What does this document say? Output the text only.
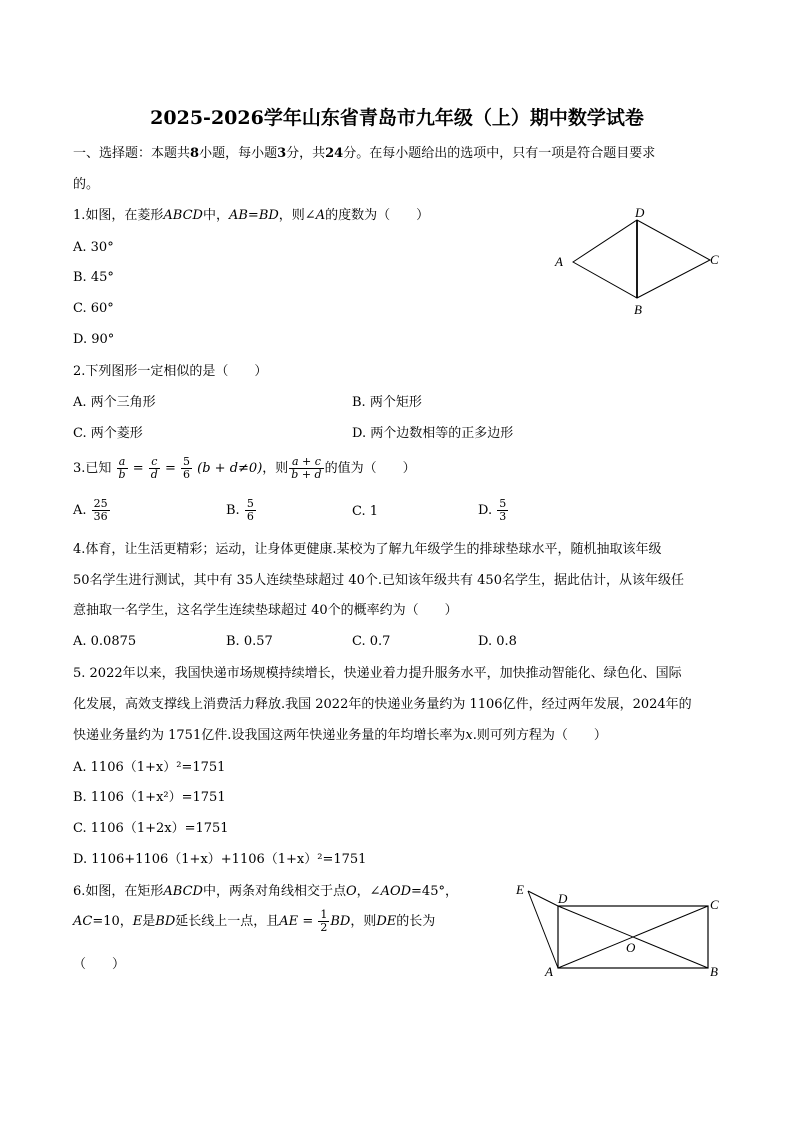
2025-2026学年山东省青岛市九年级（上）期中数学试卷
一、选择题：本题共8小题，每小题3分，共24分。在每小题给出的选项中，只有一项是符合题目要求
的。
1.如图，在菱形ABCD中，AB=BD，则∠A的度数为（　　）
A. 30°
B. 45°
C. 60°
D. 90°
A
B
C
D
2.下列图形一定相似的是（　　）
A. 两个三角形	B. 两个矩形
C. 两个菱形	D. 两个边数相等的正多边形
3.已知 $\frac{a}{b} = \frac{c}{d} = \frac{5}{6} (b + d\ne 0)$，则 $\frac{a + c}{b + d}$ 的值为（　　）
A. $\frac{25}{36}$	B. $\frac{5}{6}$	C. 1	D. $\frac{5}{3}$
4.体育，让生活更精彩；运动，让身体更健康.某校为了解九年级学生的排球垫球水平，随机抽取该年级
50名学生进行测试，其中有 35人连续垫球超过 40个.已知该年级共有 450名学生，据此估计，从该年级任
意抽取一名学生，这名学生连续垫球超过 40个的概率约为（　　）
A. 0.0875	B. 0.57	C. 0.7	D. 0.8
5. 2022年以来，我国快递市场规模持续增长，快递业着力提升服务水平，加快推动智能化、绿色化、国际
化发展，高效支撑线上消费活力释放.我国 2022年的快递业务量约为 1106亿件，经过两年发展，2024年的
快递业务量约为 1751亿件.设我国这两年快递业务量的年均增长率为x.则可列方程为（　　）
A. 1106（1+x）²=1751
B. 1106（1+x²）=1751
C. 1106（1+2x）=1751
D. 1106+1106（1+x）+1106（1+x）²=1751
6.如图，在矩形ABCD中，两条对角线相交于点O，∠AOD=45°，
AC=10，E是BD延长线上一点，且AE = $\frac{1}{2}$ BD，则DE的长为
（　　）
E
D	C
A	B
O
